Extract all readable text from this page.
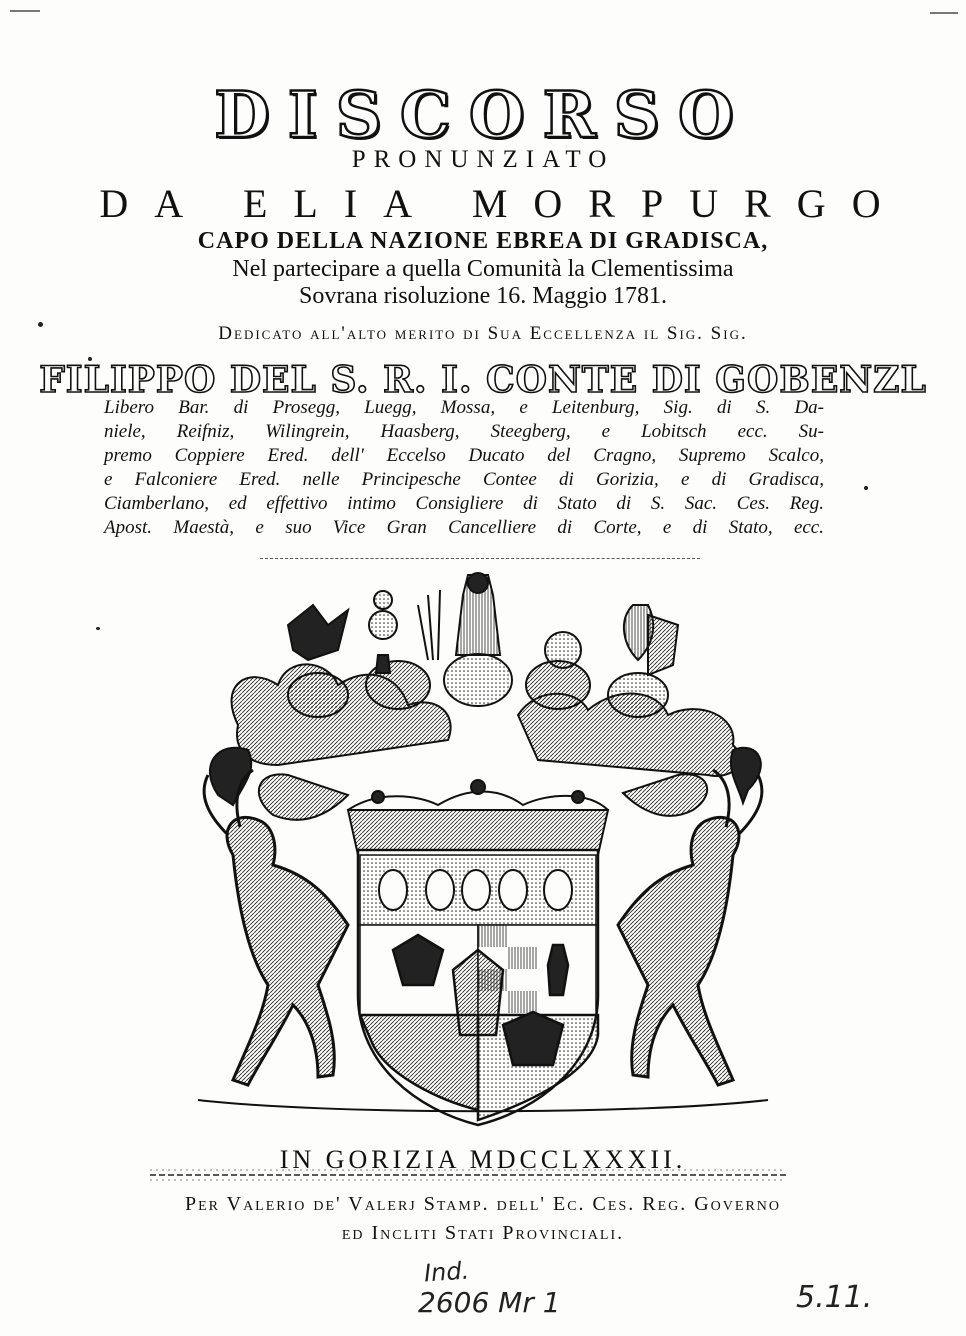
DISCORSO
PRONUNZIATO
DA ELIA MORPURGO
CAPO DELLA NAZIONE EBREA DI GRADISCA,
Nel partecipare a quella Comunità la Clementissima
Sovrana risoluzione 16. Maggio 1781.
Dedicato all'alto merito di Sua Eccellenza il Sig. Sig.
FILIPPO DEL S. R. I. CONTE DI GOBENZL
Libero Bar. di Prosegg, Luegg, Mossa, e Leitenburg, Sig. di S. Da-
niele, Reifniz, Wilingrein, Haasberg, Steegberg, e Lobitsch ecc. Su-
premo Coppiere Ered. dell' Eccelso Ducato del Cragno, Supremo Scalco,
e Falconiere Ered. nelle Principesche Contee di Gorizia, e di Gradisca,
Ciamberlano, ed effettivo intimo Consigliere di Stato di S. Sac. Ces. Reg.
Apost. Maestà, e suo Vice Gran Cancelliere di Corte, e di Stato, ecc.
IN GORIZIA MDCCLXXXII.
Per Valerio de' Valerj Stamp. dell' Ec. Ces. Reg. Governo
ed Incliti Stati Provinciali.
Ind.
2606 Mr 1	5.11.
